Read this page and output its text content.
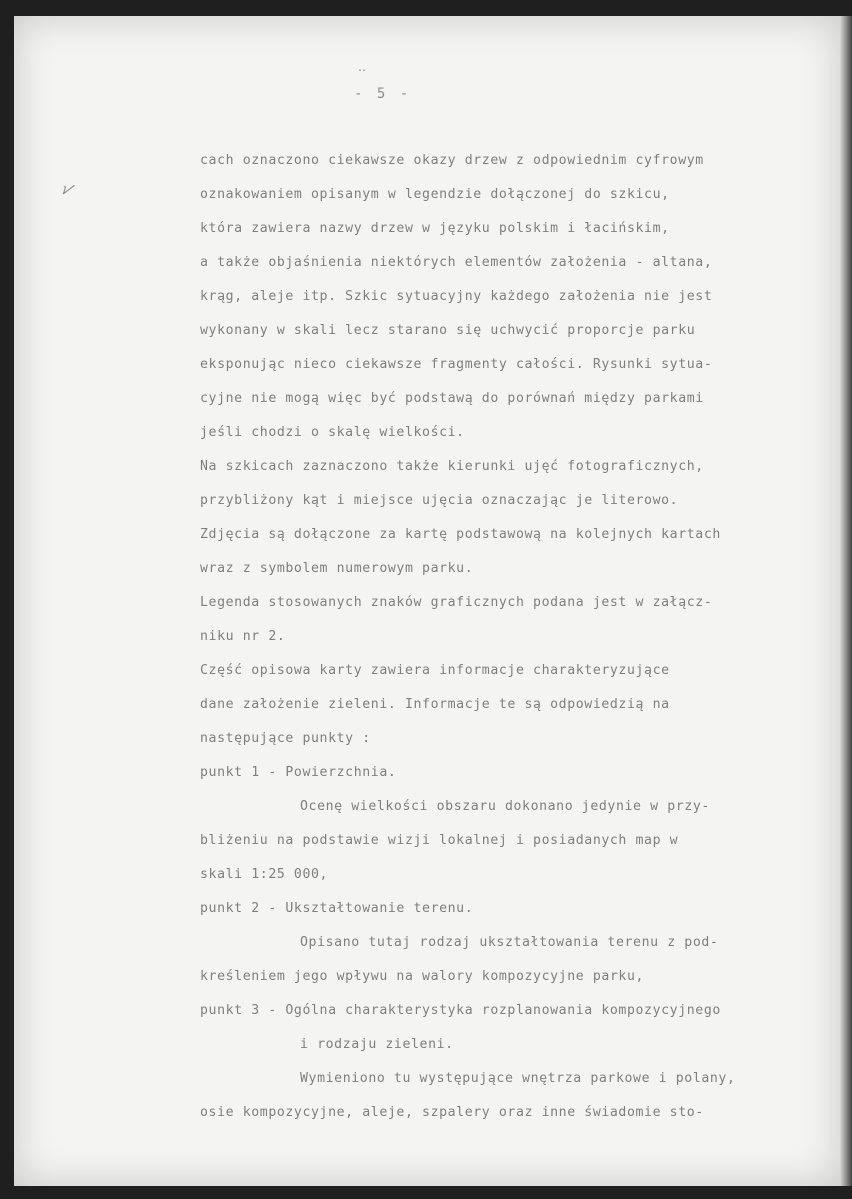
‥
√
- 5 -
cach oznaczono ciekawsze okazy drzew z odpowiednim cyfrowym
oznakowaniem opisanym w legendzie dołączonej do szkicu,
która zawiera nazwy drzew w języku polskim i łacińskim,
a także objaśnienia niektórych elementów założenia - altana,
krąg, aleje itp. Szkic sytuacyjny każdego założenia nie jest
wykonany w skali lecz starano się uchwycić proporcje parku
eksponując nieco ciekawsze fragmenty całości. Rysunki sytua-
cyjne nie mogą więc być podstawą do porównań między parkami
jeśli chodzi o skalę wielkości.
Na szkicach zaznaczono także kierunki ujęć fotograficznych,
przybliżony kąt i miejsce ujęcia oznaczając je literowo.
Zdjęcia są dołączone za kartę podstawową na kolejnych kartach
wraz z symbolem numerowym parku.
Legenda stosowanych znaków graficznych podana jest w załącz-
niku nr 2.
Część opisowa karty zawiera informacje charakteryzujące
dane założenie zieleni. Informacje te są odpowiedzią na
następujące punkty :
punkt 1 - Powierzchnia.
Ocenę wielkości obszaru dokonano jedynie w przy-
bliżeniu na podstawie wizji lokalnej i posiadanych map w
skali 1:25 000,
punkt 2 - Ukształtowanie terenu.
Opisano tutaj rodzaj ukształtowania terenu z pod-
kreśleniem jego wpływu na walory kompozycyjne parku,
punkt 3 - Ogólna charakterystyka rozplanowania kompozycyjnego
i rodzaju zieleni.
Wymieniono tu występujące wnętrza parkowe i polany,
osie kompozycyjne, aleje, szpalery oraz inne świadomie sto-
